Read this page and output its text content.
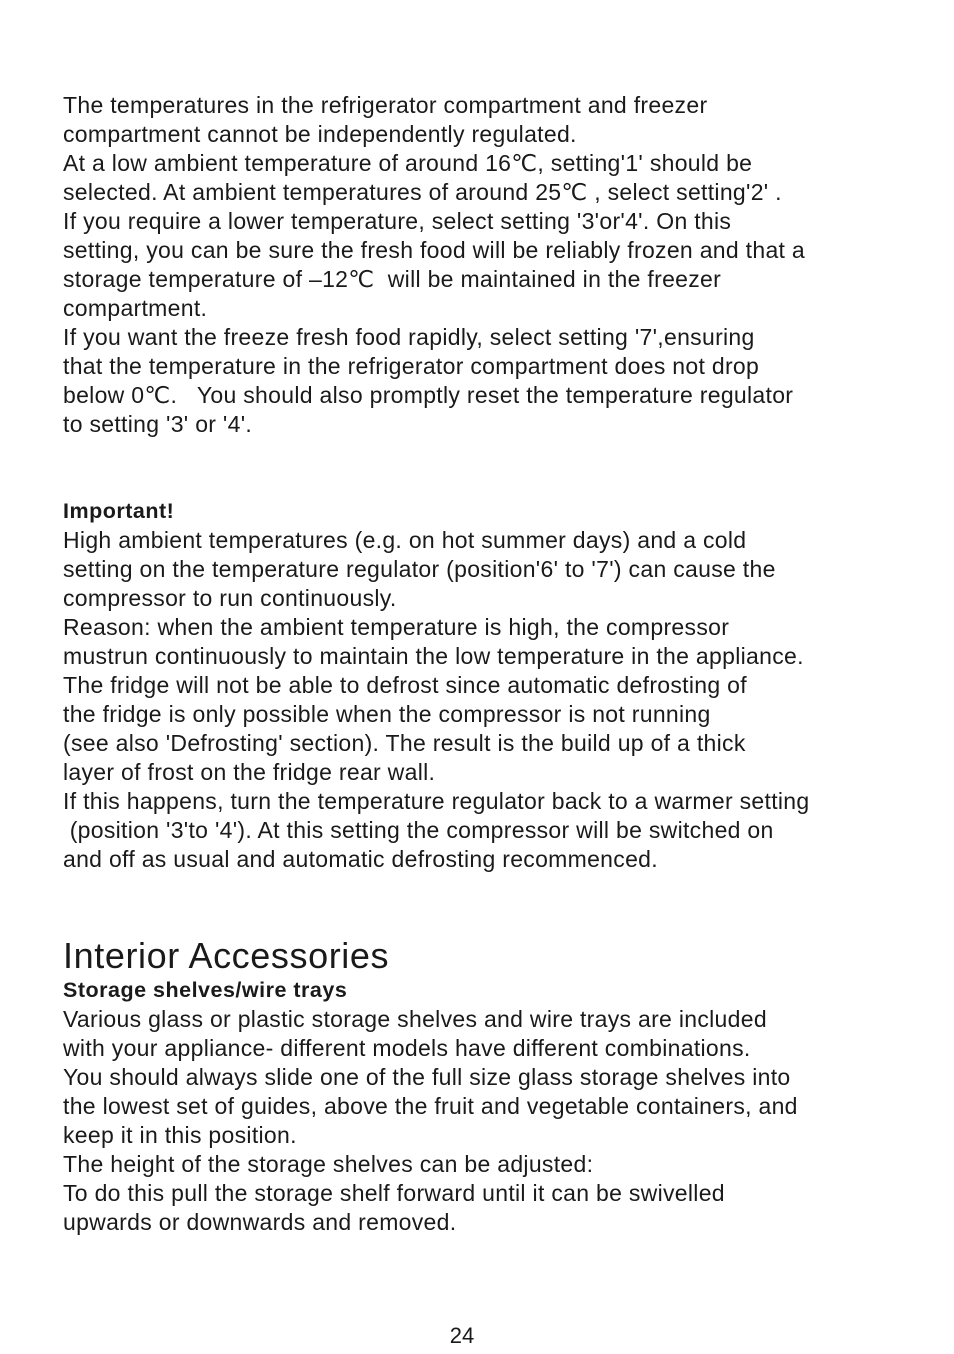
The temperatures in the refrigerator compartment and freezer
compartment cannot be independently regulated.
At a low ambient temperature of around 16℃, setting'1' should be
selected. At ambient temperatures of around 25℃ , select setting'2' .
If you require a lower temperature, select setting '3'or'4'. On this
setting, you can be sure the fresh food will be reliably frozen and that a
storage temperature of –12℃  will be maintained in the freezer
compartment.
If you want the freeze fresh food rapidly, select setting '7',ensuring
that the temperature in the refrigerator compartment does not drop
below 0℃.   You should also promptly reset the temperature regulator
to setting '3' or '4'.
Important!
High ambient temperatures (e.g. on hot summer days) and a cold
setting on the temperature regulator (position'6' to '7') can cause the
compressor to run continuously.
Reason: when the ambient temperature is high, the compressor
mustrun continuously to maintain the low temperature in the appliance.
The fridge will not be able to defrost since automatic defrosting of
the fridge is only possible when the compressor is not running
(see also 'Defrosting' section). The result is the build up of a thick
layer of frost on the fridge rear wall.
If this happens, turn the temperature regulator back to a warmer setting
(position '3'to '4'). At this setting the compressor will be switched on
and off as usual and automatic defrosting recommenced.
Interior Accessories
Storage shelves/wire trays
Various glass or plastic storage shelves and wire trays are included
with your appliance- different models have different combinations.
You should always slide one of the full size glass storage shelves into
the lowest set of guides, above the fruit and vegetable containers, and
keep it in this position.
The height of the storage shelves can be adjusted:
To do this pull the storage shelf forward until it can be swivelled
upwards or downwards and removed.
24
